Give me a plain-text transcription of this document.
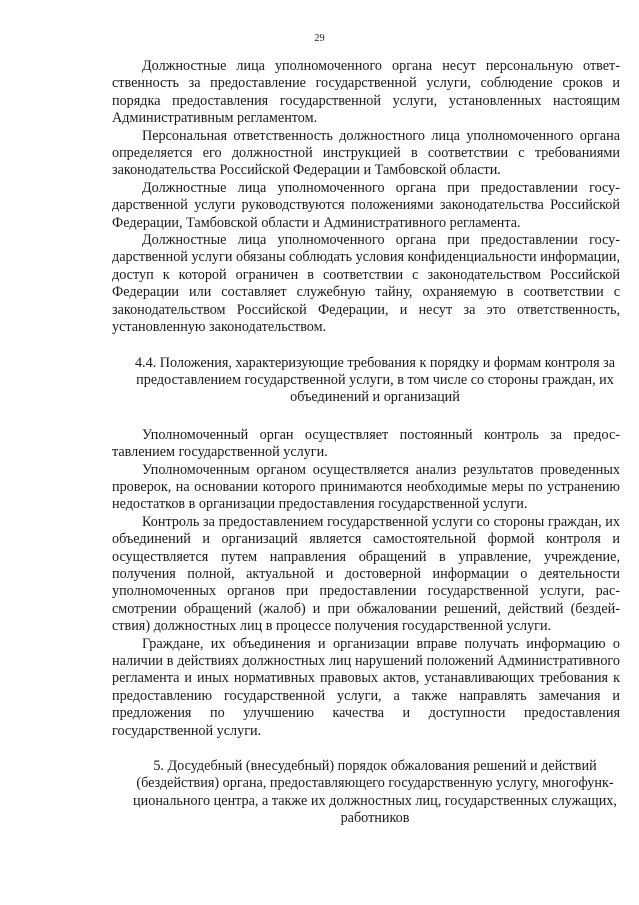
29

Должностные лица уполномоченного органа несут персональную ответственность за предоставление государственной услуги, соблюдение сроков и порядка предоставления государственной услуги, установленных настоящим Административным регламентом.

Персональная ответственность должностного лица уполномоченного органа определяется его должностной инструкцией в соответствии с требованиями законодательства Российской Федерации и Тамбовской области.

Должностные лица уполномоченного органа при предоставлении государственной услуги руководствуются положениями законодательства Российской Федерации, Тамбовской области и Административного регламента.

Должностные лица уполномоченного органа при предоставлении государственной услуги обязаны соблюдать условия конфиденциальности информации, доступ к которой ограничен в соответствии с законодательством Российской Федерации или составляет служебную тайну, охраняемую в соответствии с законодательством Российской Федерации, и несут за это ответственность, установленную законодательством.

4.4. Положения, характеризующие требования к порядку и формам контроля за предоставлением государственной услуги, в том числе со стороны граждан, их объединений и организаций

Уполномоченный орган осуществляет постоянный контроль за предоставлением государственной услуги.

Уполномоченным органом осуществляется анализ результатов проведенных проверок, на основании которого принимаются необходимые меры по устранению недостатков в организации предоставления государственной услуги.

Контроль за предоставлением государственной услуги со стороны граждан, их объединений и организаций является самостоятельной формой контроля и осуществляется путем направления обращений в управление, учреждение, получения полной, актуальной и достоверной информации о деятельности уполномоченных органов при предоставлении государственной услуги, рассмотрении обращений (жалоб) и при обжаловании решений, действий (бездействия) должностных лиц в процессе получения государственной услуги.

Граждане, их объединения и организации вправе получать информацию о наличии в действиях должностных лиц нарушений положений Административного регламента и иных нормативных правовых актов, устанавливающих требования к предоставлению государственной услуги, а также направлять замечания и предложения по улучшению качества и доступности предоставления государственной услуги.

5. Досудебный (внесудебный) порядок обжалования решений и действий (бездействия) органа, предоставляющего государственную услугу, многофункционального центра, а также их должностных лиц, государственных служащих, работников
